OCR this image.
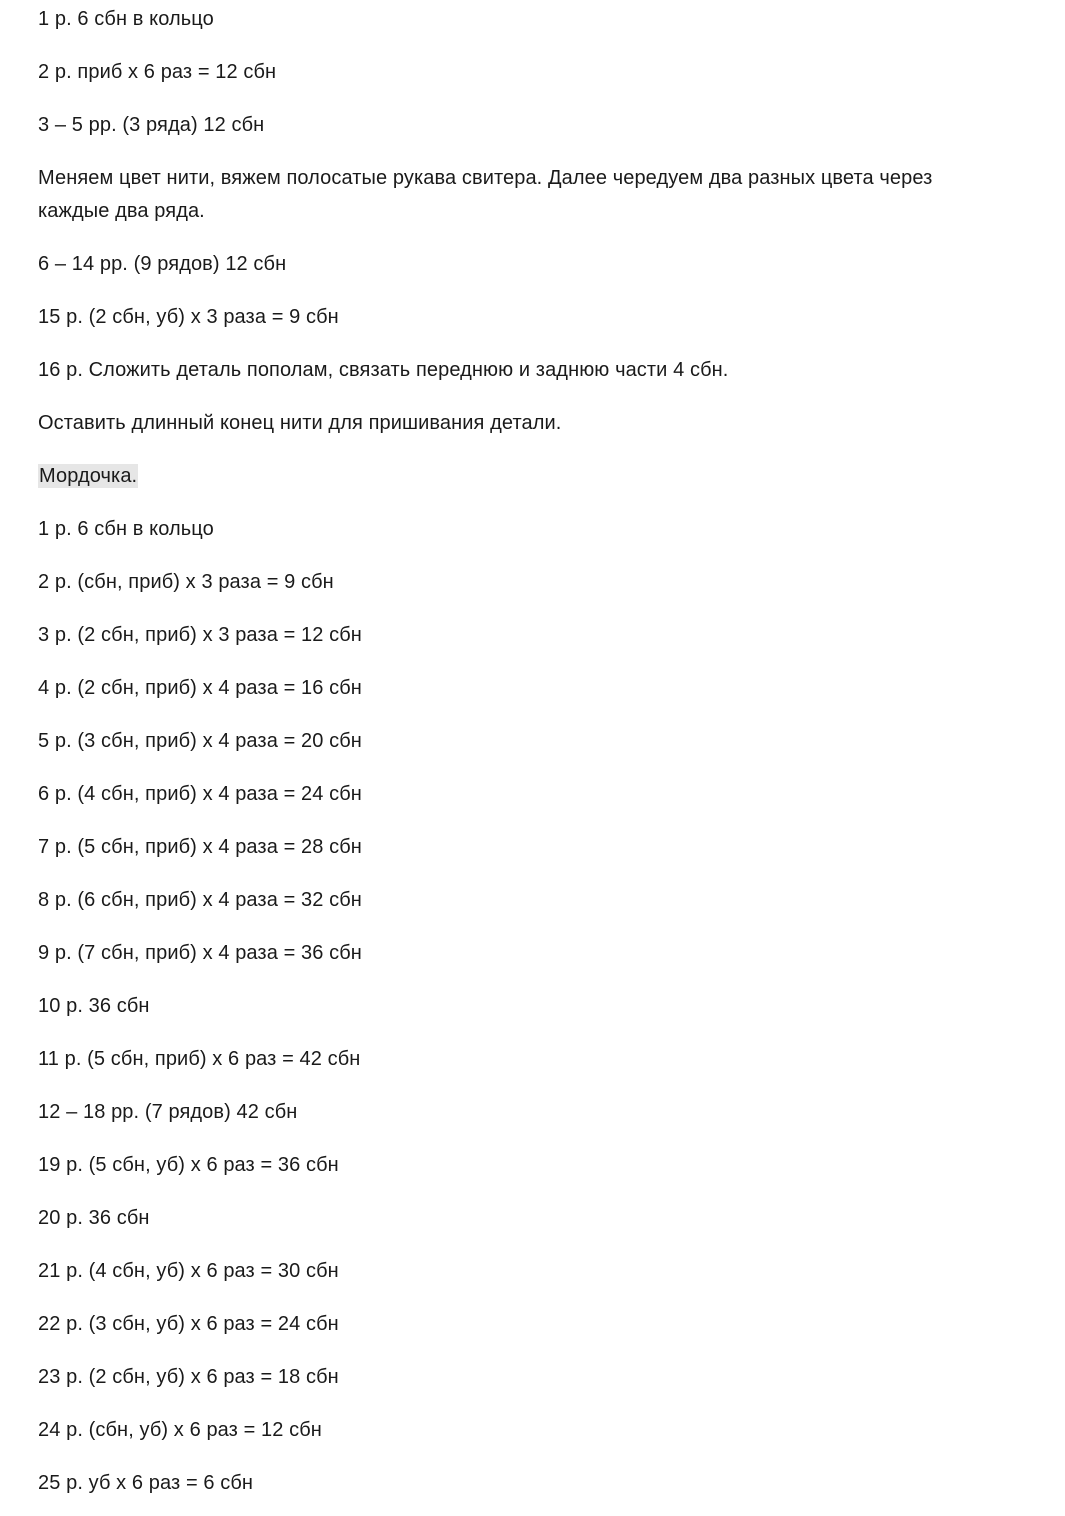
1 р. 6 сбн в кольцо
2 р. приб х 6 раз = 12 сбн
3 – 5 рр. (3 ряда) 12 сбн
Меняем цвет нити, вяжем полосатые рукава свитера. Далее чередуем два разных цвета через
каждые два ряда.
6 – 14 рр. (9 рядов) 12 сбн
15 р. (2 сбн, уб) х 3 раза = 9 сбн
16 р. Сложить деталь пополам, связать переднюю и заднюю части 4 сбн.
Оставить длинный конец нити для пришивания детали.
Мордочка.
1 р. 6 сбн в кольцо
2 р. (сбн, приб) х 3 раза = 9 сбн
3 р. (2 сбн, приб) х 3 раза = 12 сбн
4 р. (2 сбн, приб) х 4 раза = 16 сбн
5 р. (3 сбн, приб) х 4 раза = 20 сбн
6 р. (4 сбн, приб) х 4 раза = 24 сбн
7 р. (5 сбн, приб) х 4 раза = 28 сбн
8 р. (6 сбн, приб) х 4 раза = 32 сбн
9 р. (7 сбн, приб) х 4 раза = 36 сбн
10 р. 36 сбн
11 р. (5 сбн, приб) х 6 раз = 42 сбн
12 – 18 рр. (7 рядов) 42 сбн
19 р. (5 сбн, уб) х 6 раз = 36 сбн
20 р. 36 сбн
21 р. (4 сбн, уб) х 6 раз = 30 сбн
22 р. (3 сбн, уб) х 6 раз = 24 сбн
23 р. (2 сбн, уб) х 6 раз = 18 сбн
24 р. (сбн, уб) х 6 раз = 12 сбн
25 р. уб х 6 раз = 6 сбн
